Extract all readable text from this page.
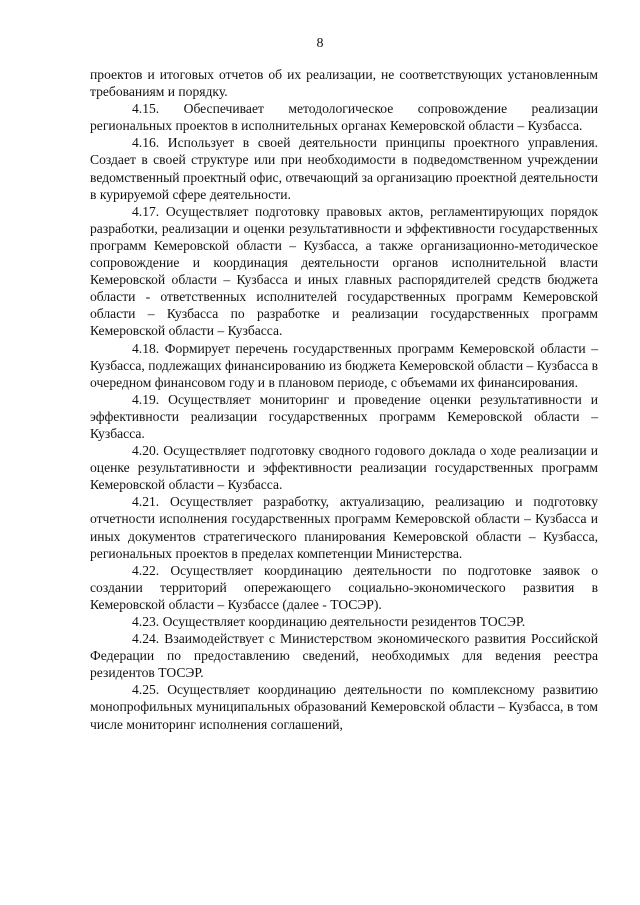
8

проектов и итоговых отчетов об их реализации, не соответствующих установленным требованиям и порядку.

4.15. Обеспечивает методологическое сопровождение реализации региональных проектов в исполнительных органах Кемеровской области – Кузбасса.

4.16. Использует в своей деятельности принципы проектного управления. Создает в своей структуре или при необходимости в подведомственном учреждении ведомственный проектный офис, отвечающий за организацию проектной деятельности в курируемой сфере деятельности.

4.17. Осуществляет подготовку правовых актов, регламентирующих порядок разработки, реализации и оценки результативности и эффективности государственных программ Кемеровской области – Кузбасса, а также организационно-методическое сопровождение и координация деятельности органов исполнительной власти Кемеровской области – Кузбасса и иных главных распорядителей средств бюджета области - ответственных исполнителей государственных программ Кемеровской области – Кузбасса по разработке и реализации государственных программ Кемеровской области – Кузбасса.

4.18. Формирует перечень государственных программ Кемеровской области – Кузбасса, подлежащих финансированию из бюджета Кемеровской области – Кузбасса в очередном финансовом году и в плановом периоде, с объемами их финансирования.

4.19. Осуществляет мониторинг и проведение оценки результативности и эффективности реализации государственных программ Кемеровской области – Кузбасса.

4.20. Осуществляет подготовку сводного годового доклада о ходе реализации и оценке результативности и эффективности реализации государственных программ Кемеровской области – Кузбасса.

4.21. Осуществляет разработку, актуализацию, реализацию и подготовку отчетности исполнения государственных программ Кемеровской области – Кузбасса и иных документов стратегического планирования Кемеровской области – Кузбасса, региональных проектов в пределах компетенции Министерства.

4.22. Осуществляет координацию деятельности по подготовке заявок о создании территорий опережающего социально-экономического развития в Кемеровской области – Кузбассе (далее - ТОСЭР).

4.23. Осуществляет координацию деятельности резидентов ТОСЭР.

4.24. Взаимодействует с Министерством экономического развития Российской Федерации по предоставлению сведений, необходимых для ведения реестра резидентов ТОСЭР.

4.25. Осуществляет координацию деятельности по комплексному развитию монопрофильных муниципальных образований Кемеровской области – Кузбасса, в том числе мониторинг исполнения соглашений,
